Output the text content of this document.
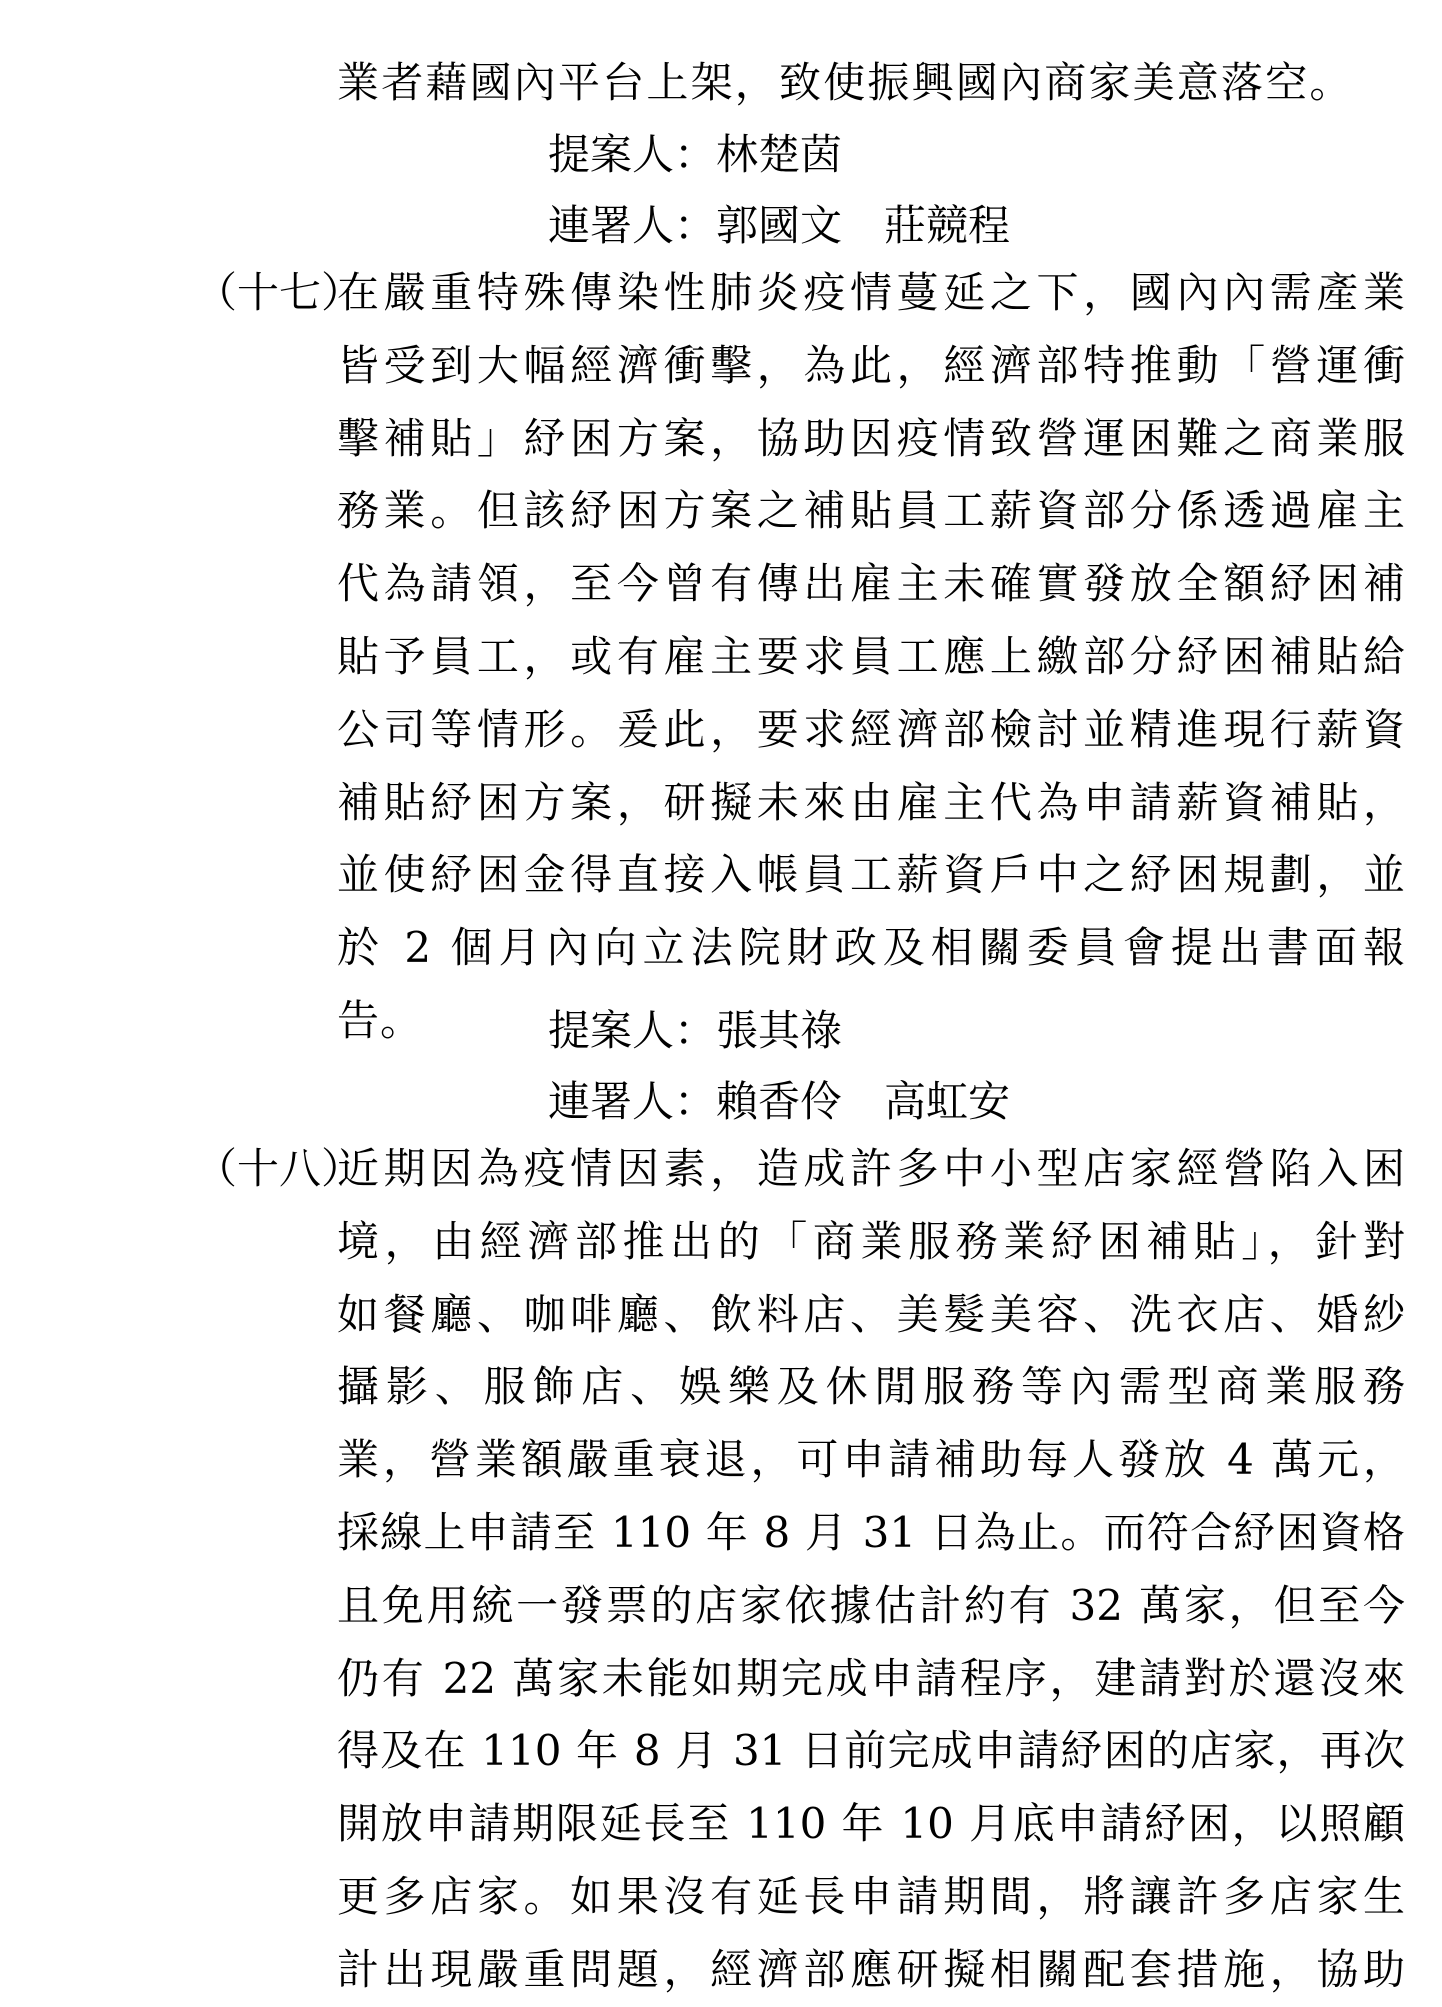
業者藉國內平台上架，致使振興國內商家美意落空。
提案人：林楚茵
連署人：郭國文　莊競程
（十七）
在嚴重特殊傳染性肺炎疫情蔓延之下，國內內需產業
皆受到大幅經濟衝擊，為此，經濟部特推動「營運衝
擊補貼」紓困方案，協助因疫情致營運困難之商業服
務業。但該紓困方案之補貼員工薪資部分係透過雇主
代為請領，至今曾有傳出雇主未確實發放全額紓困補
貼予員工，或有雇主要求員工應上繳部分紓困補貼給
公司等情形。爰此，要求經濟部檢討並精進現行薪資
補貼紓困方案，研擬未來由雇主代為申請薪資補貼，
並使紓困金得直接入帳員工薪資戶中之紓困規劃，並
於 2 個月內向立法院財政及相關委員會提出書面報
告。	提案人：張其祿
連署人：賴香伶　高虹安
（十八）
近期因為疫情因素，造成許多中小型店家經營陷入困
境，由經濟部推出的「商業服務業紓困補貼」，針對
如餐廳、咖啡廳、飲料店、美髮美容、洗衣店、婚紗
攝影、服飾店、娛樂及休閒服務等內需型商業服務
業，營業額嚴重衰退，可申請補助每人發放 4 萬元，
採線上申請至 110 年 8 月 31 日為止。而符合紓困資格
且免用統一發票的店家依據估計約有 32 萬家，但至今
仍有 22 萬家未能如期完成申請程序，建請對於還沒來
得及在 110 年 8 月 31 日前完成申請紓困的店家，再次
開放申請期限延長至 110 年 10 月底申請紓困，以照顧
更多店家。如果沒有延長申請期間，將讓許多店家生
計出現嚴重問題，經濟部應研擬相關配套措施，協助
